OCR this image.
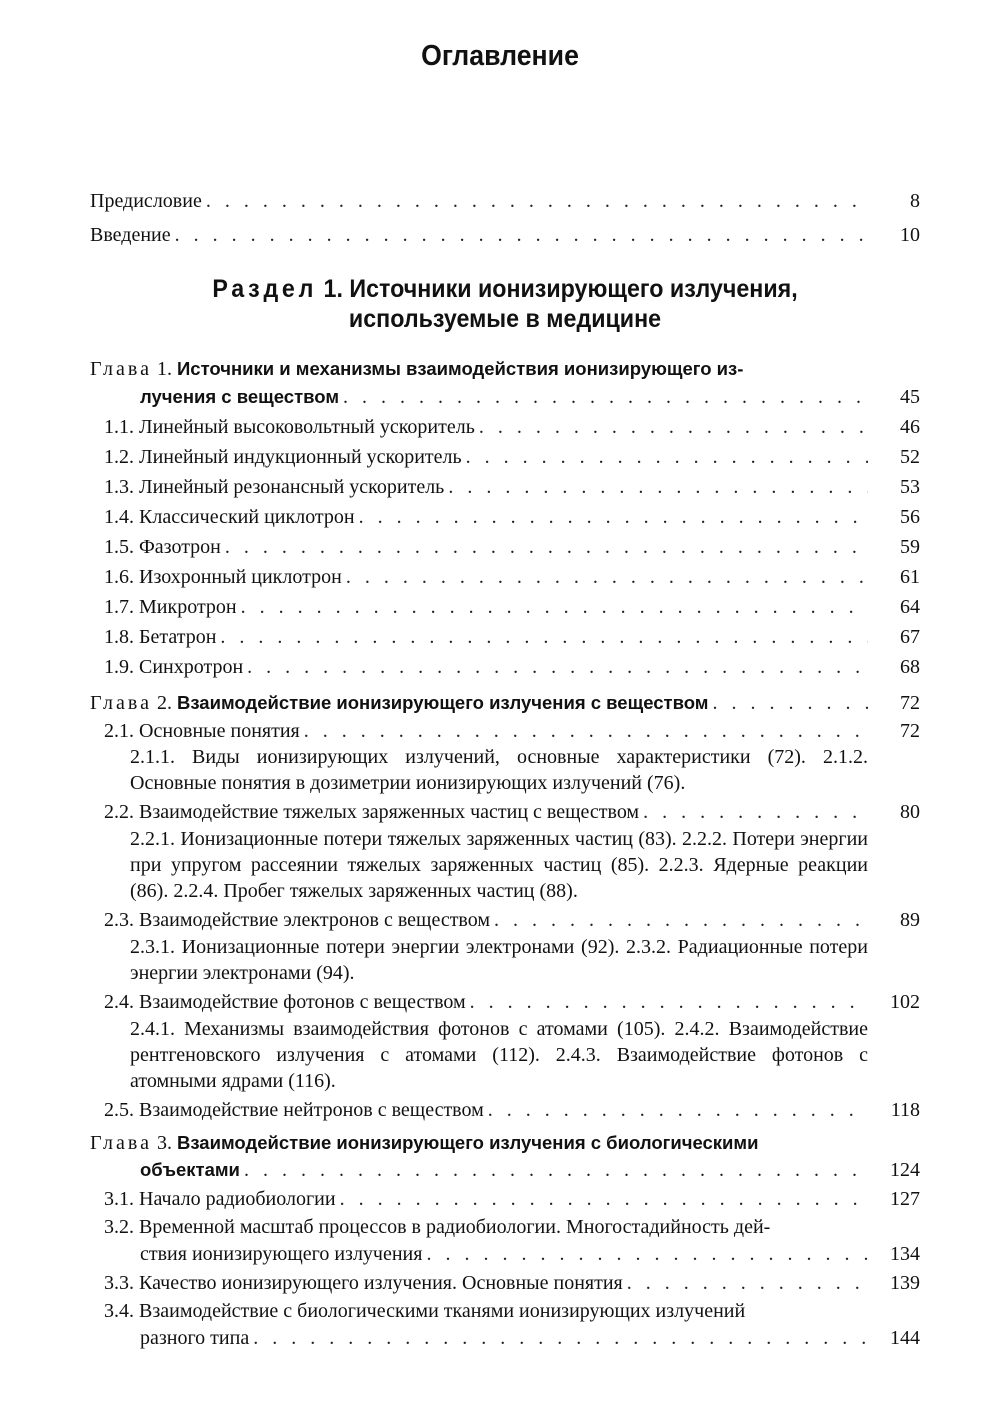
Оглавление
Предисловие . . .	8
Введение . . .	10
Раздел 1. Источники ионизирующего излучения,
используемые в медицине
Глава 1. Источники и механизмы взаимодействия ионизирующего из-
лучения с веществом . . .	45
1.1. Линейный высоковольтный ускоритель . . .	46
1.2. Линейный индукционный ускоритель . . .	52
1.3. Линейный резонансный ускоритель . . .	53
1.4. Классический циклотрон . . .	56
1.5. Фазотрон . . .	59
1.6. Изохронный циклотрон . . .	61
1.7. Микротрон . . .	64
1.8. Бетатрон . . .	67
1.9. Синхротрон . . .	68
Глава 2. Взаимодействие ионизирующего излучения с веществом . . .	72
2.1. Основные понятия . . .	72

2.1.1. Виды ионизирующих излучений, основные характеристики (72). 2.1.2. Основные понятия в дозиметрии ионизирующих излучений (76).

2.2. Взаимодействие тяжелых заряженных частиц с веществом . . .	80

2.2.1. Ионизационные потери тяжелых заряженных частиц (83). 2.2.2. Потери энергии при упругом рассеянии тяжелых заряженных частиц (85). 2.2.3. Ядерные реакции (86). 2.2.4. Пробег тяжелых заряженных частиц (88).

2.3. Взаимодействие электронов с веществом . . .	89

2.3.1. Ионизационные потери энергии электронами (92). 2.3.2. Радиационные потери энергии электронами (94).

2.4. Взаимодействие фотонов с веществом . . .	102

2.4.1. Механизмы взаимодействия фотонов с атомами (105). 2.4.2. Взаимодействие рентгеновского излучения с атомами (112). 2.4.3. Взаимодействие фотонов с атомными ядрами (116).

2.5. Взаимодействие нейтронов с веществом . . .	118
Глава 3. Взаимодействие ионизирующего излучения с биологическими
объектами . . .	124
3.1. Начало радиобиологии . . .	127
3.2. Временной масштаб процессов в радиобиологии. Многостадийность дей-
ствия ионизирующего излучения . . .	134
3.3. Качество ионизирующего излучения. Основные понятия . . .	139
3.4. Взаимодействие с биологическими тканями ионизирующих излучений
разного типа . . .	144
